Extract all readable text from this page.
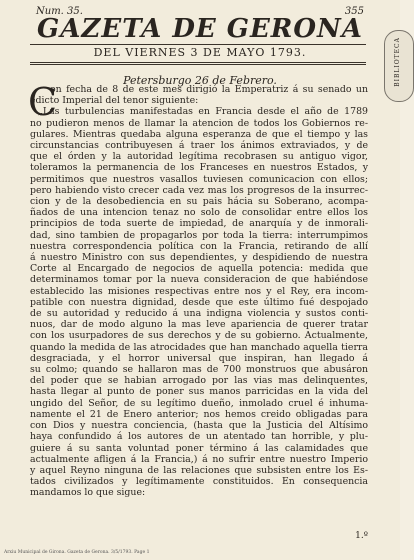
Num. 35.	355
GAZETA DE GERONA
DEL VIERNES 3 DE MAYO 1793.
Petersburgo 26 de Febrero.
C
on fecha de 8 de este mes dirigió la Emperatriz á su senado un
edicto Imperial del tenor siguiente:
„Las turbulencias manifestadas en Francia desde el año de 1789
no pudieron menos de llamar la atencion de todos los Gobiernos re-
gulares. Mientras quedaba alguna esperanza de que el tiempo y las
circunstancias contribuyesen á traer los ánimos extraviados, y de
que el órden y la autoridad legítima recobrasen su antiguo vigor,
toleramos la permanencia de los Franceses en nuestros Estados, y
permitimos que nuestros vasallos tuviesen comunicacion con ellos;
pero habiendo visto crecer cada vez mas los progresos de la insurrec-
cion y de la desobediencia en su pais hácia su Soberano, acompa-
ñados de una intencion tenaz no solo de consolidar entre ellos los
principios de toda suerte de impiedad, de anarquía y de inmorali-
dad, sino tambien de propagarlos por toda la tierra: interrumpimos
nuestra correspondencia política con la Francia, retirando de allí
á nuestro Ministro con sus dependientes, y despidiendo de nuestra
Corte al Encargado de negocios de aquella potencia: medida que
determinamos tomar por la nueva consideracion de que habiéndose
establecido las misiones respectivas entre nos y el Rey, era incom-
patible con nuestra dignidad, desde que este último fué despojado
de su autoridad y reducido á una indigna violencia y sustos conti-
nuos, dar de modo alguno la mas leve apariencia de querer tratar
con los usurpadores de sus derechos y de su gobierno. Actualmente,
quando la medida de las atrocidades que han manchado aquella tierra
desgraciada, y el horror universal que inspiran, han llegado á
su colmo; quando se hallaron mas de 700 monstruos que abusáron
del poder que se habian arrogado por las vias mas delinquentes,
hasta llegar al punto de poner sus manos parricidas en la vida del
ungido del Señor, de su legítimo dueño, inmolado cruel é inhuma-
namente el 21 de Enero anterior; nos hemos creido obligadas para
con Dios y nuestra conciencia, (hasta que la Justicia del Altísimo
haya confundido á los autores de un atentado tan horrible, y plu-
guiere á su santa voluntad poner término á las calamidades que
actualmente afligen á la Francia,) á no sufrir entre nuestro Imperio
y aquel Reyno ninguna de las relaciones que subsisten entre los Es-
tados civilizados y legítimamente constituidos. En consequencia
mandamos lo que sigue:
1.º
BIBLIOTECA
Arxiu Municipal de Girona. Gazeta de Gerona. 3/5/1793. Page 1
